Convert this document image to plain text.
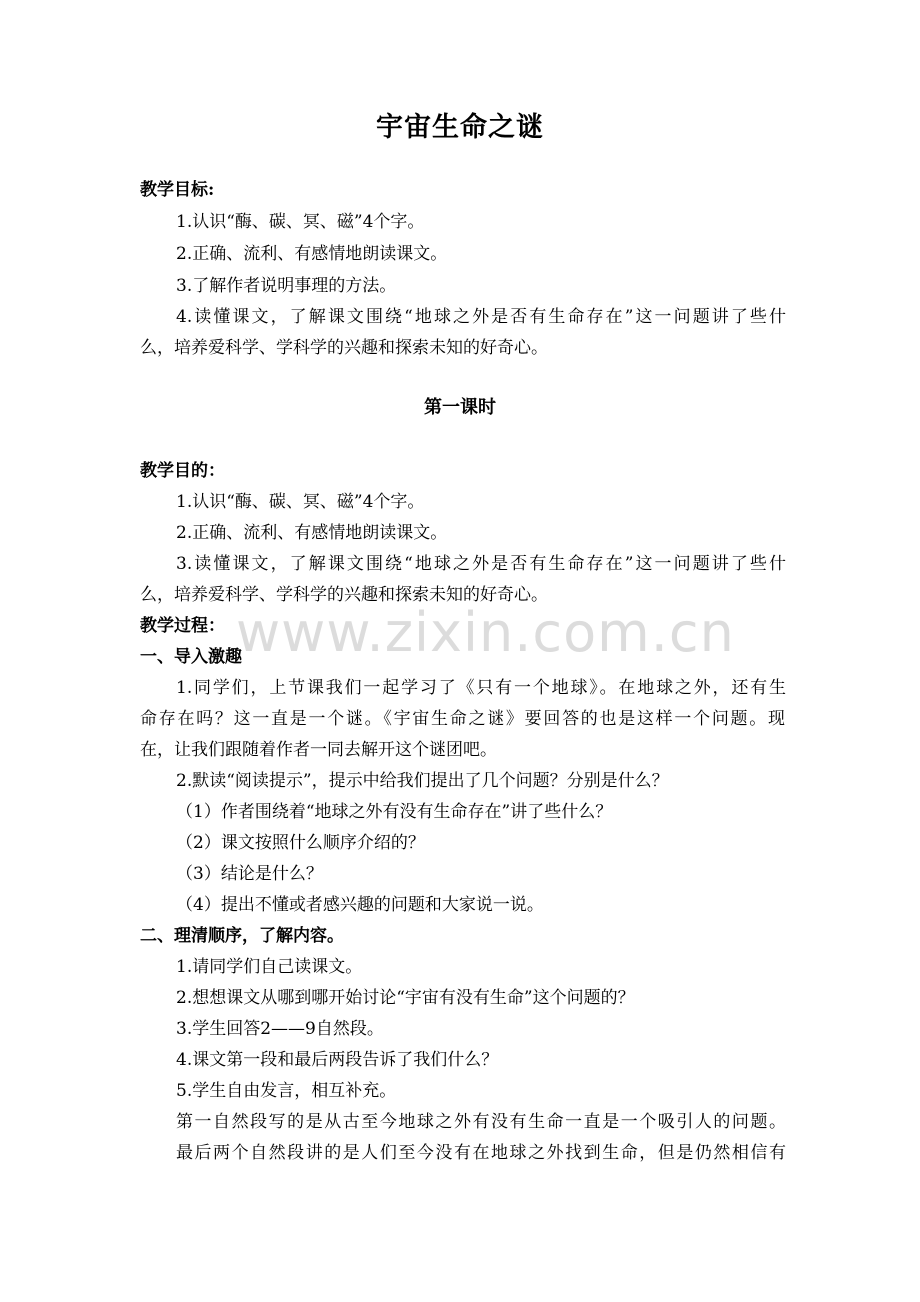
宇宙生命之谜
教学目标:
1.认识“酶、碳、冥、磁”4个字。
2.正确、流利、有感情地朗读课文。
3.了解作者说明事理的方法。
4.读懂课文，了解课文围绕“地球之外是否有生命存在”这一问题讲了些什
么，培养爱科学、学科学的兴趣和探索未知的好奇心。
第一课时
教学目的：
1.认识“酶、碳、冥、磁”4个字。
2.正确、流利、有感情地朗读课文。
3.读懂课文，了解课文围绕“地球之外是否有生命存在”这一问题讲了些什
么，培养爱科学、学科学的兴趣和探索未知的好奇心。
教学过程：
一、导入激趣
1.同学们，上节课我们一起学习了《只有一个地球》。在地球之外，还有生
命存在吗？这一直是一个谜。《宇宙生命之谜》要回答的也是这样一个问题。现
在，让我们跟随着作者一同去解开这个谜团吧。
2.默读“阅读提示”，提示中给我们提出了几个问题？分别是什么？
（1）作者围绕着“地球之外有没有生命存在”讲了些什么？
（2）课文按照什么顺序介绍的？
（3）结论是什么？
（4）提出不懂或者感兴趣的问题和大家说一说。
二、理清顺序，了解内容。
1.请同学们自己读课文。
2.想想课文从哪到哪开始讨论“宇宙有没有生命”这个问题的？
3.学生回答2——9自然段。
4.课文第一段和最后两段告诉了我们什么？
5.学生自由发言，相互补充。
第一自然段写的是从古至今地球之外有没有生命一直是一个吸引人的问题。
最后两个自然段讲的是人们至今没有在地球之外找到生命，但是仍然相信有
www.zixin.com.cn
